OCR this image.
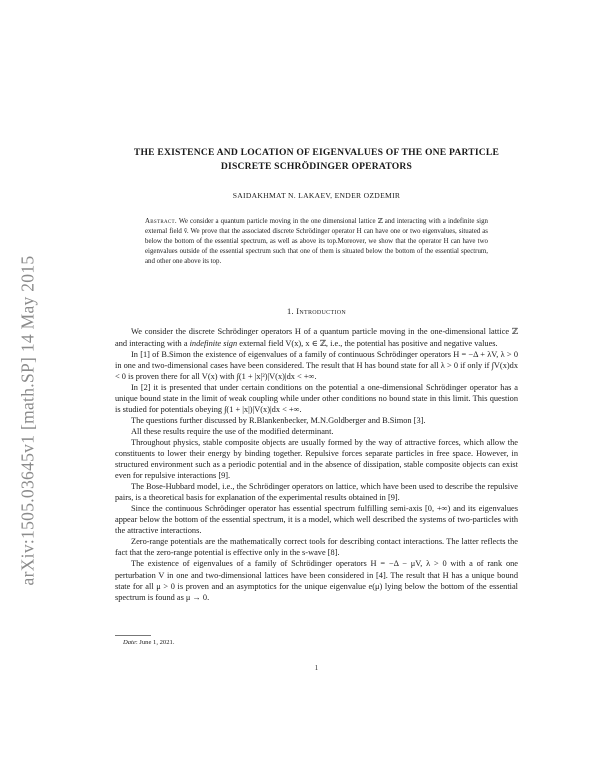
arXiv:1505.03645v1 [math.SP] 14 May 2015
THE EXISTENCE AND LOCATION OF EIGENVALUES OF THE ONE PARTICLE
DISCRETE SCHRÖDINGER OPERATORS
SAIDAKHMAT N. LAKAEV, ENDER OZDEMIR
Abstract. We consider a quantum particle moving in the one dimensional lattice ℤ and interacting with a indefinite sign external field v̂. We prove that the associated discrete Schrödinger operator H can have one or two eigenvalues, situated as below the bottom of the essential spectrum, as well as above its top.Moreover, we show that the operator H can have two eigenvalues outside of the essential spectrum such that one of them is situated below the bottom of the essential spectrum, and other one above its top.
1. Introduction

We consider the discrete Schrödinger operators H of a quantum particle moving in the one-dimensional lattice ℤ and interacting with a indefinite sign external field V(x), x ∈ ℤ, i.e., the potential has positive and negative values.

In [1] of B.Simon the existence of eigenvalues of a family of continuous Schrödinger operators H = −Δ + λV, λ > 0 in one and two-dimensional cases have been considered. The result that H has bound state for all λ > 0 if only if ∫V(x)dx < 0 is proven there for all V(x) with ∫(1 + |x|²)|V(x)|dx < +∞.

In [2] it is presented that under certain conditions on the potential a one-dimensional Schrödinger operator has a unique bound state in the limit of weak coupling while under other conditions no bound state in this limit. This question is studied for potentials obeying ∫(1 + |x|)|V(x)|dx < +∞.

The questions further discussed by R.Blankenbecker, M.N.Goldberger and B.Simon [3].

All these results require the use of the modified determinant.

Throughout physics, stable composite objects are usually formed by the way of attractive forces, which allow the constituents to lower their energy by binding together. Repulsive forces separate particles in free space. However, in structured environment such as a periodic potential and in the absence of dissipation, stable composite objects can exist even for repulsive interactions [9].

The Bose-Hubbard model, i.e., the Schrödinger operators on lattice, which have been used to describe the repulsive pairs, is a theoretical basis for explanation of the experimental results obtained in [9].

Since the continuous Schrödinger operator has essential spectrum fulfilling semi-axis [0, +∞) and its eigenvalues appear below the bottom of the essential spectrum, it is a model, which well described the systems of two-particles with the attractive interactions.

Zero-range potentials are the mathematically correct tools for describing contact interactions. The latter reflects the fact that the zero-range potential is effective only in the s-wave [8].

The existence of eigenvalues of a family of Schrödinger operators H = −Δ − μV, λ > 0 with a of rank one perturbation V in one and two-dimensional lattices have been considered in [4]. The result that H has a unique bound state for all μ > 0 is proven and an asymptotics for the unique eigenvalue e(μ) lying below the bottom of the essential spectrum is found as μ → 0.

Date: June 1, 2021.
1
